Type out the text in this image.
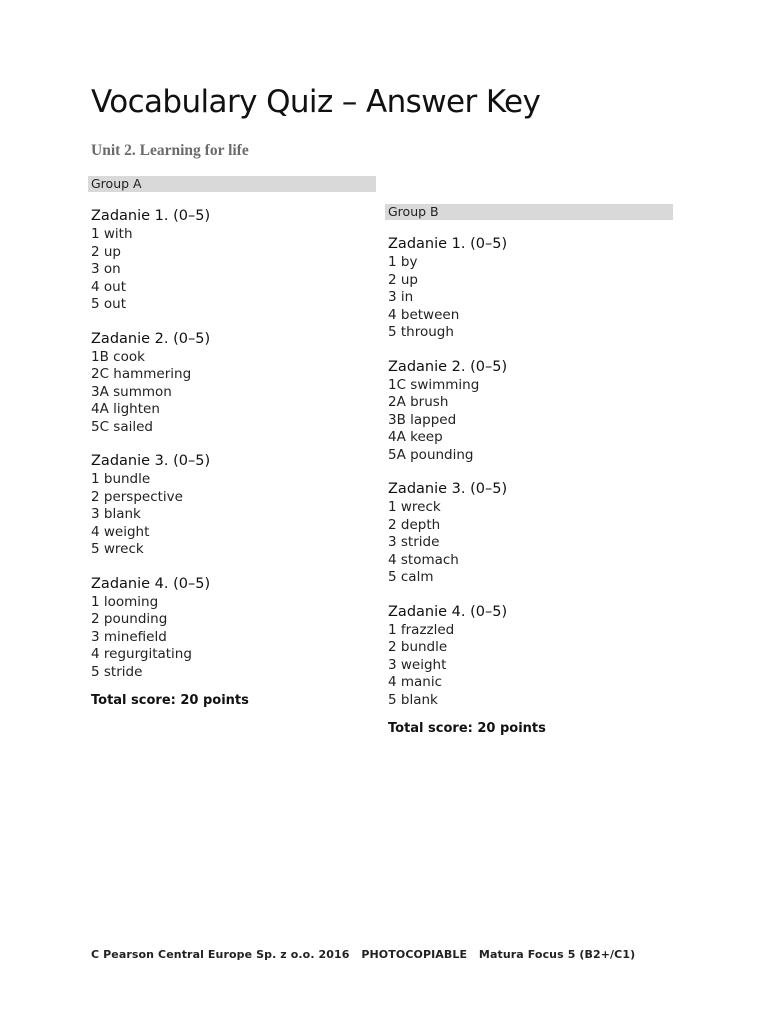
Vocabulary Quiz – Answer Key
Unit 2. Learning for life
Group A
Zadanie 1. (0–5)
1 with
2 up
3 on
4 out
5 out
Zadanie 2. (0–5)
1B cook
2C hammering
3A summon
4A lighten
5C sailed
Zadanie 3. (0–5)
1 bundle
2 perspective
3 blank
4 weight
5 wreck
Zadanie 4. (0–5)
1 looming
2 pounding
3 minefield
4 regurgitating
5 stride
Total score: 20 points
Group B
Zadanie 1. (0–5)
1 by
2 up
3 in
4 between
5 through
Zadanie 2. (0–5)
1C swimming
2A brush
3B lapped
4A keep
5A pounding
Zadanie 3. (0–5)
1 wreck
2 depth
3 stride
4 stomach
5 calm
Zadanie 4. (0–5)
1 frazzled
2 bundle
3 weight
4 manic
5 blank
Total score: 20 points
C Pearson Central Europe Sp. z o.o. 2016   PHOTOCOPIABLE   Matura Focus 5 (B2+/C1)
